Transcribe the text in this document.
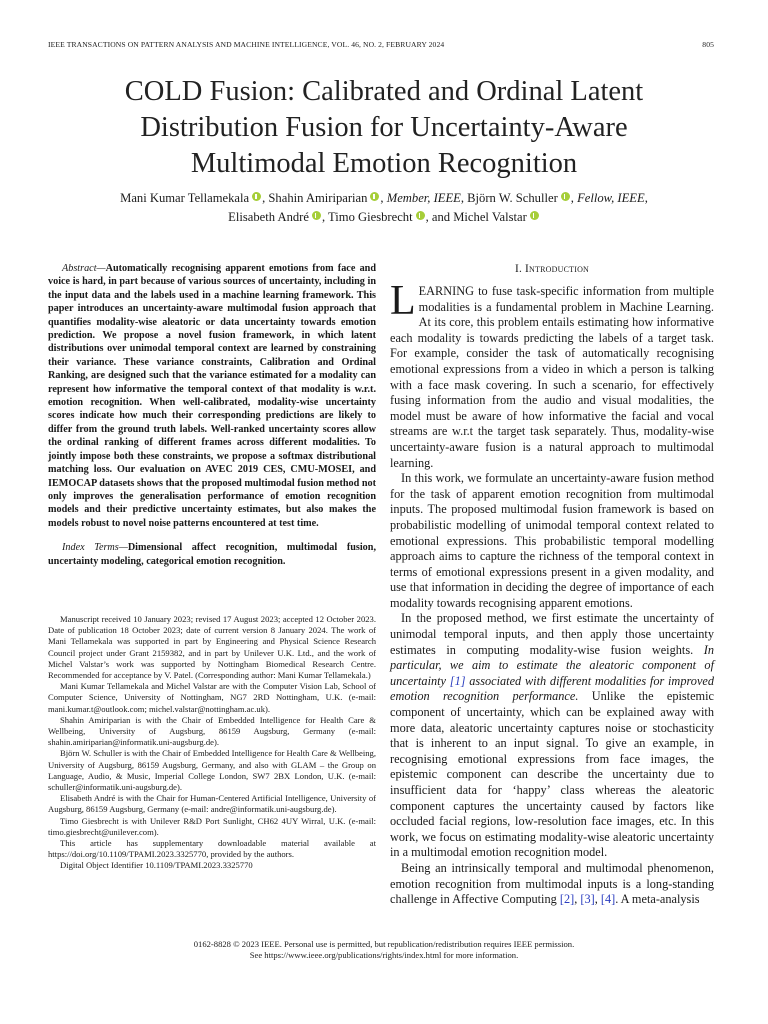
IEEE TRANSACTIONS ON PATTERN ANALYSIS AND MACHINE INTELLIGENCE, VOL. 46, NO. 2, FEBRUARY 2024	805
COLD Fusion: Calibrated and Ordinal Latent
Distribution Fusion for Uncertainty-Aware
Multimodal Emotion Recognition
Mani Kumar Tellamekala , Shahin Amiriparian , Member, IEEE, Björn W. Schuller , Fellow, IEEE,
Elisabeth André , Timo Giesbrecht , and Michel Valstar

Abstract—Automatically recognising apparent emotions from face and voice is hard, in part because of various sources of uncertainty, including in the input data and the labels used in a machine learning framework. This paper introduces an uncertainty-aware multimodal fusion approach that quantifies modality-wise aleatoric or data uncertainty towards emotion prediction. We propose a novel fusion framework, in which latent distributions over unimodal temporal context are learned by constraining their variance. These variance constraints, Calibration and Ordinal Ranking, are designed such that the variance estimated for a modality can represent how informative the temporal context of that modality is w.r.t. emotion recognition. When well-calibrated, modality-wise uncertainty scores indicate how much their corresponding predictions are likely to differ from the ground truth labels. Well-ranked uncertainty scores allow the ordinal ranking of different frames across different modalities. To jointly impose both these constraints, we propose a softmax distributional matching loss. Our evaluation on AVEC 2019 CES, CMU-MOSEI, and IEMOCAP datasets shows that the proposed multimodal fusion method not only improves the generalisation performance of emotion recognition models and their predictive uncertainty estimates, but also makes the models robust to novel noise patterns encountered at test time.

Index Terms—Dimensional affect recognition, multimodal fusion, uncertainty modeling, categorical emotion recognition.

Manuscript received 10 January 2023; revised 17 August 2023; accepted 12 October 2023. Date of publication 18 October 2023; date of current version 8 January 2024. The work of Mani Tellamekala was supported in part by Engineering and Physical Science Research Council project under Grant 2159382, and in part by Unilever U.K. Ltd., and the work of Michel Valstar’s work was supported by Nottingham Biomedical Research Centre. Recommended for acceptance by V. Patel. (Corresponding author: Mani Kumar Tellamekala.)

Mani Kumar Tellamekala and Michel Valstar are with the Computer Vision Lab, School of Computer Science, University of Nottingham, NG7 2RD Nottingham, U.K. (e-mail: mani.kumar.t@outlook.com; michel.valstar@nottingham.ac.uk).

Shahin Amiriparian is with the Chair of Embedded Intelligence for Health Care & Wellbeing, University of Augsburg, 86159 Augsburg, Germany (e-mail: shahin.amiriparian@informatik.uni-augsburg.de).

Björn W. Schuller is with the Chair of Embedded Intelligence for Health Care & Wellbeing, University of Augsburg, 86159 Augsburg, Germany, and also with GLAM – the Group on Language, Audio, & Music, Imperial College London, SW7 2BX London, U.K. (e-mail: schuller@informatik.uni-augsburg.de).

Elisabeth André is with the Chair for Human-Centered Artificial Intelligence, University of Augsburg, 86159 Augsburg, Germany (e-mail: andre@informatik.uni-augsburg.de).

Timo Giesbrecht is with Unilever R&D Port Sunlight, CH62 4UY Wirral, U.K. (e-mail: timo.giesbrecht@unilever.com).

This article has supplementary downloadable material available at https://doi.org/10.1109/TPAMI.2023.3325770, provided by the authors.

Digital Object Identifier 10.1109/TPAMI.2023.3325770

I. Introduction

LEARNING to fuse task-specific information from multiple modalities is a fundamental problem in Machine Learning. At its core, this problem entails estimating how informative each modality is towards predicting the labels of a target task. For example, consider the task of automatically recognising emotional expressions from a video in which a person is talking with a face mask covering. In such a scenario, for effectively fusing information from the audio and visual modalities, the model must be aware of how informative the facial and vocal streams are w.r.t the target task separately. Thus, modality-wise uncertainty-aware fusion is a natural approach to multimodal learning.

In this work, we formulate an uncertainty-aware fusion method for the task of apparent emotion recognition from multimodal inputs. The proposed multimodal fusion framework is based on probabilistic modelling of unimodal temporal context related to emotional expressions. This probabilistic temporal modelling approach aims to capture the richness of the temporal context in terms of emotional expressions present in a given modality, and use that information in deciding the degree of importance of each modality towards recognising apparent emotions.

In the proposed method, we first estimate the uncertainty of unimodal temporal inputs, and then apply those uncertainty estimates in computing modality-wise fusion weights. In particular, we aim to estimate the aleatoric component of uncertainty [1] associated with different modalities for improved emotion recognition performance. Unlike the epistemic component of uncertainty, which can be explained away with more data, aleatoric uncertainty captures noise or stochasticity that is inherent to an input signal. To give an example, in recognising emotional expressions from face images, the epistemic component can describe the uncertainty due to insufficient data for ‘happy’ class whereas the aleatoric component captures the uncertainty caused by factors like occluded facial regions, low-resolution face images, etc. In this work, we focus on estimating modality-wise aleatoric uncertainty in a multimodal emotion recognition model.

Being an intrinsically temporal and multimodal phenomenon, emotion recognition from multimodal inputs is a long-standing challenge in Affective Computing [2], [3], [4]. A meta-analysis

0162-8828 © 2023 IEEE. Personal use is permitted, but republication/redistribution requires IEEE permission.
See https://www.ieee.org/publications/rights/index.html for more information.
